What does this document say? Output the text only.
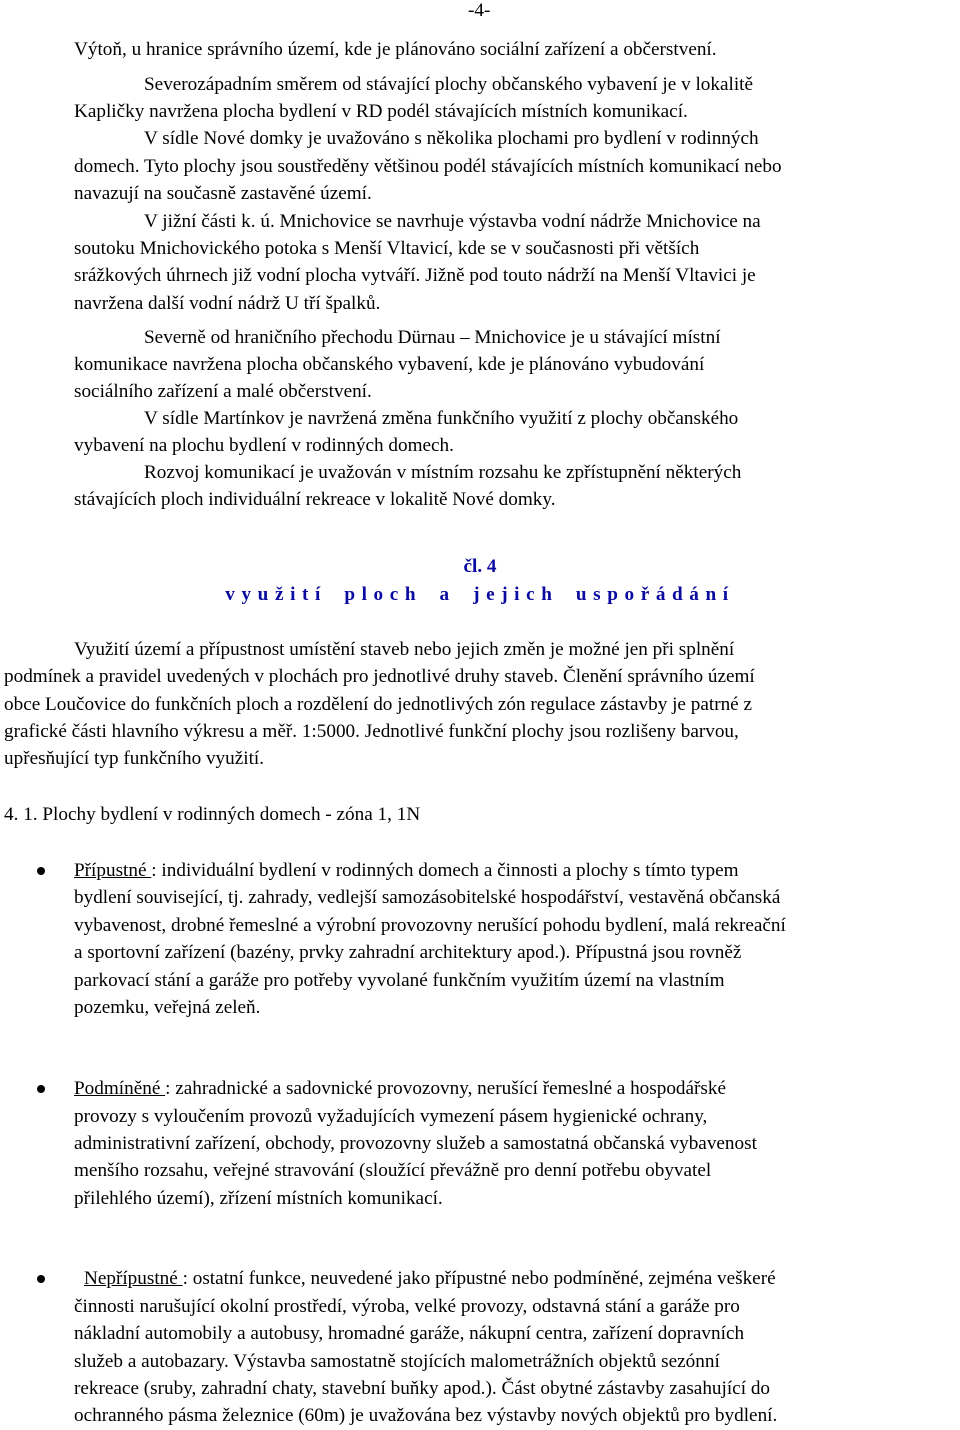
-4-
Výtoň, u hranice správního území, kde je plánováno sociální zařízení a občerstvení.
Severozápadním směrem od stávající plochy občanského vybavení je v lokalitě
Kapličky navržena plocha bydlení v RD podél stávajících místních komunikací.
V sídle Nové domky je uvažováno s několika plochami pro bydlení v rodinných
domech. Tyto plochy jsou soustředěny většinou podél stávajících místních komunikací nebo
navazují na současně zastavěné území.
V jižní části k. ú. Mnichovice se navrhuje výstavba vodní nádrže Mnichovice na
soutoku Mnichovického potoka s Menší Vltavicí, kde se v současnosti při větších
srážkových úhrnech již vodní plocha vytváří. Jižně pod touto nádrží na Menší Vltavici je
navržena další vodní nádrž U tří špalků.
Severně od hraničního přechodu Dürnau – Mnichovice je u stávající místní
komunikace navržena plocha občanského vybavení, kde je plánováno vybudování
sociálního zařízení a malé občerstvení.
V sídle Martínkov je navržená změna funkčního využití z plochy občanského
vybavení na plochu bydlení v rodinných domech.
Rozvoj komunikací je uvažován v místním rozsahu ke zpřístupnění některých
stávajících ploch individuální rekreace v lokalitě Nové domky.
čl. 4
využití ploch a jejich uspořádání
Využití území a přípustnost umístění staveb nebo jejich změn je možné jen při splnění
podmínek a pravidel uvedených v plochách pro jednotlivé druhy staveb. Členění správního území
obce Loučovice do funkčních ploch a rozdělení do jednotlivých zón regulace zástavby je patrné z
grafické části hlavního výkresu a měř. 1:5000. Jednotlivé funkční plochy jsou rozlišeny barvou,
upřesňující typ funkčního využití.
4. 1. Plochy bydlení v rodinných domech - zóna 1, 1N
Přípustné : individuální bydlení v rodinných domech a činnosti a plochy s tímto typem
bydlení související, tj. zahrady, vedlejší samozásobitelské hospodářství, vestavěná občanská
vybavenost, drobné řemeslné a výrobní provozovny nerušící pohodu bydlení, malá rekreační
a sportovní zařízení (bazény, prvky zahradní architektury apod.). Přípustná jsou rovněž
parkovací stání a garáže pro potřeby vyvolané funkčním využitím území na vlastním
pozemku, veřejná zeleň.
Podmíněné : zahradnické a sadovnické provozovny, nerušící řemeslné a hospodářské
provozy s vyloučením provozů vyžadujících vymezení pásem hygienické ochrany,
administrativní zařízení, obchody, provozovny služeb a samostatná občanská vybavenost
menšího rozsahu, veřejné stravování (sloužící převážně pro denní potřebu obyvatel
přilehlého území), zřízení místních komunikací.
Nepřípustné : ostatní funkce, neuvedené jako přípustné nebo podmíněné, zejména veškeré
činnosti narušující okolní prostředí, výroba, velké provozy, odstavná stání a garáže pro
nákladní automobily a autobusy, hromadné garáže, nákupní centra, zařízení dopravních
služeb a autobazary. Výstavba samostatně stojících malometrážních objektů sezónní
rekreace (sruby, zahradní chaty, stavební buňky apod.). Část obytné zástavby zasahující do
ochranného pásma železnice (60m) je uvažována bez výstavby nových objektů pro bydlení.
